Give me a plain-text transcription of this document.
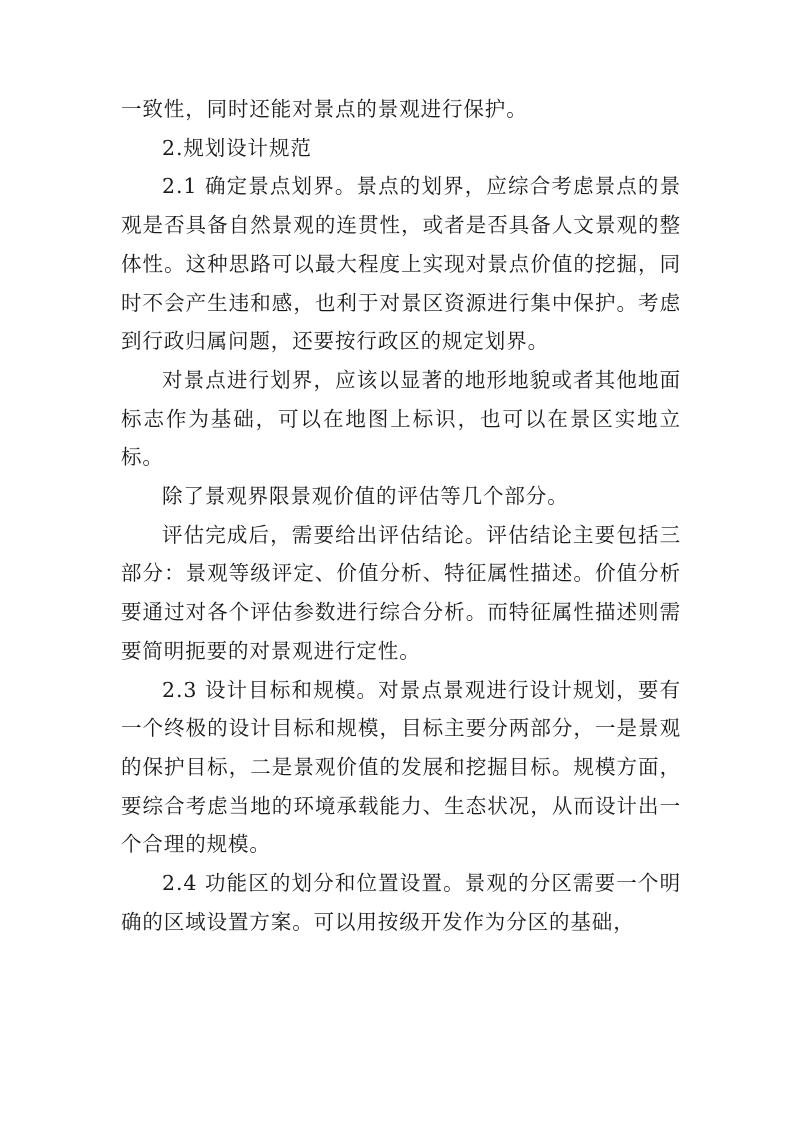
一致性，同时还能对景点的景观进行保护。

2.规划设计规范

2.1 确定景点划界。景点的划界，应综合考虑景点的景观是否具备自然景观的连贯性，或者是否具备人文景观的整体性。这种思路可以最大程度上实现对景点价值的挖掘，同时不会产生违和感，也利于对景区资源进行集中保护。考虑到行政归属问题，还要按行政区的规定划界。

对景点进行划界，应该以显著的地形地貌或者其他地面标志作为基础，可以在地图上标识，也可以在景区实地立标。

除了景观界限景观价值的评估等几个部分。

评估完成后，需要给出评估结论。评估结论主要包括三部分：景观等级评定、价值分析、特征属性描述。价值分析要通过对各个评估参数进行综合分析。而特征属性描述则需要简明扼要的对景观进行定性。

2.3 设计目标和规模。对景点景观进行设计规划，要有一个终极的设计目标和规模，目标主要分两部分，一是景观的保护目标，二是景观价值的发展和挖掘目标。规模方面，要综合考虑当地的环境承载能力、生态状况，从而设计出一个合理的规模。

2.4 功能区的划分和位置设置。景观的分区需要一个明确的区域设置方案。可以用按级开发作为分区的基础，
